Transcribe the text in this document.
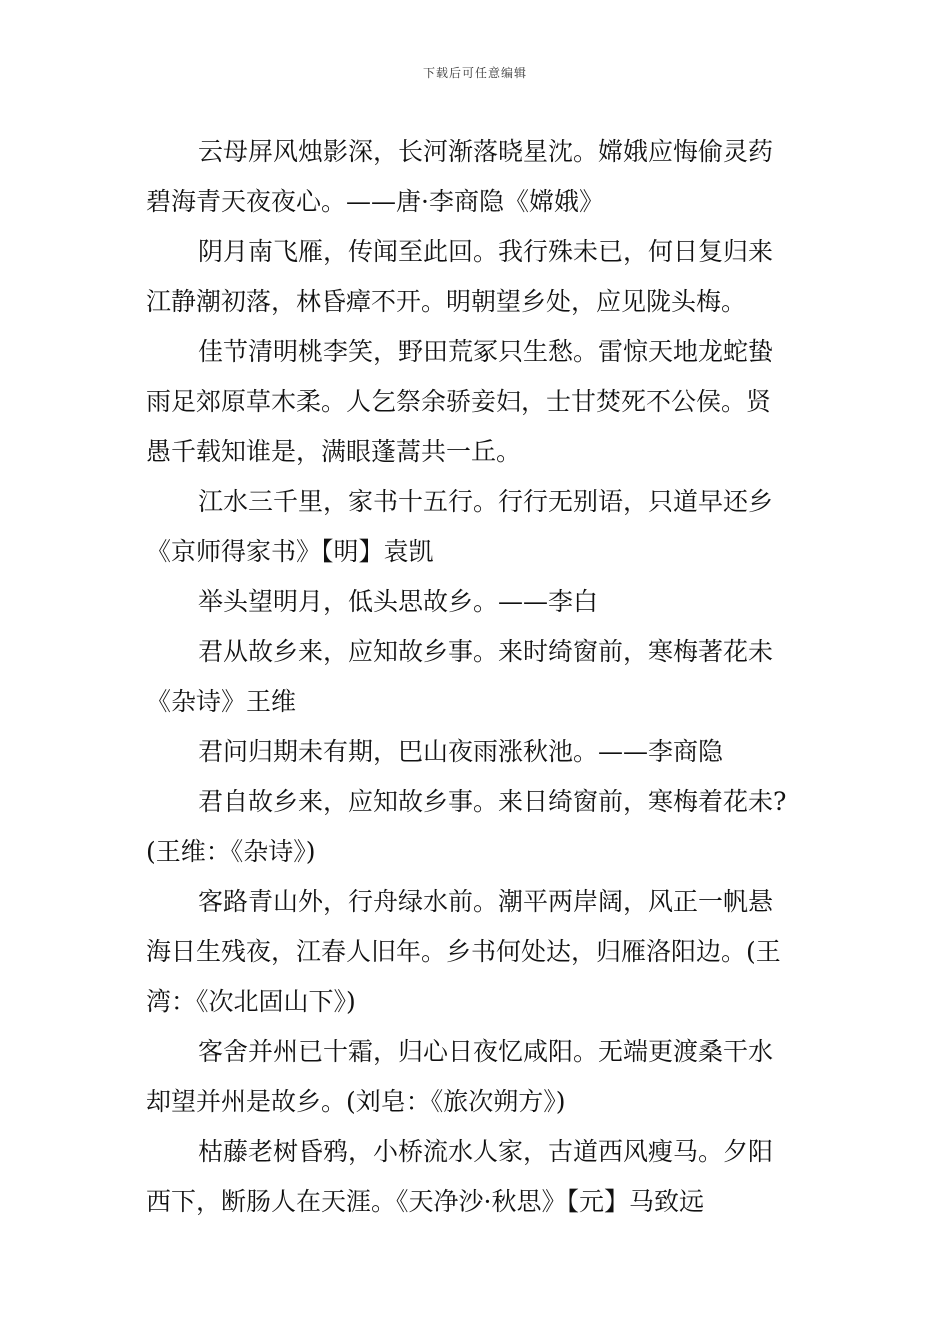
下载后可任意编辑
云母屏风烛影深，长河渐落晓星沈。嫦娥应悔偷灵药
碧海青天夜夜心。——唐·李商隐《嫦娥》
阴月南飞雁，传闻至此回。我行殊未已，何日复归来
江静潮初落，林昏瘴不开。明朝望乡处，应见陇头梅。
佳节清明桃李笑，野田荒冢只生愁。雷惊天地龙蛇蛰
雨足郊原草木柔。人乞祭余骄妾妇，士甘焚死不公侯。贤
愚千载知谁是，满眼蓬蒿共一丘。
江水三千里，家书十五行。行行无别语，只道早还乡
《京师得家书》【明】袁凯
举头望明月，低头思故乡。——李白
君从故乡来，应知故乡事。来时绮窗前，寒梅著花未
《杂诗》王维
君问归期未有期，巴山夜雨涨秋池。——李商隐
君自故乡来，应知故乡事。来日绮窗前，寒梅着花未?
(王维：《杂诗》)
客路青山外，行舟绿水前。潮平两岸阔，风正一帆悬
海日生残夜，江春人旧年。乡书何处达，归雁洛阳边。(王
湾：《次北固山下》)
客舍并州已十霜，归心日夜忆咸阳。无端更渡桑干水
却望并州是故乡。(刘皂：《旅次朔方》)
枯藤老树昏鸦，小桥流水人家，古道西风瘦马。夕阳
西下，断肠人在天涯。《天净沙·秋思》【元】马致远
